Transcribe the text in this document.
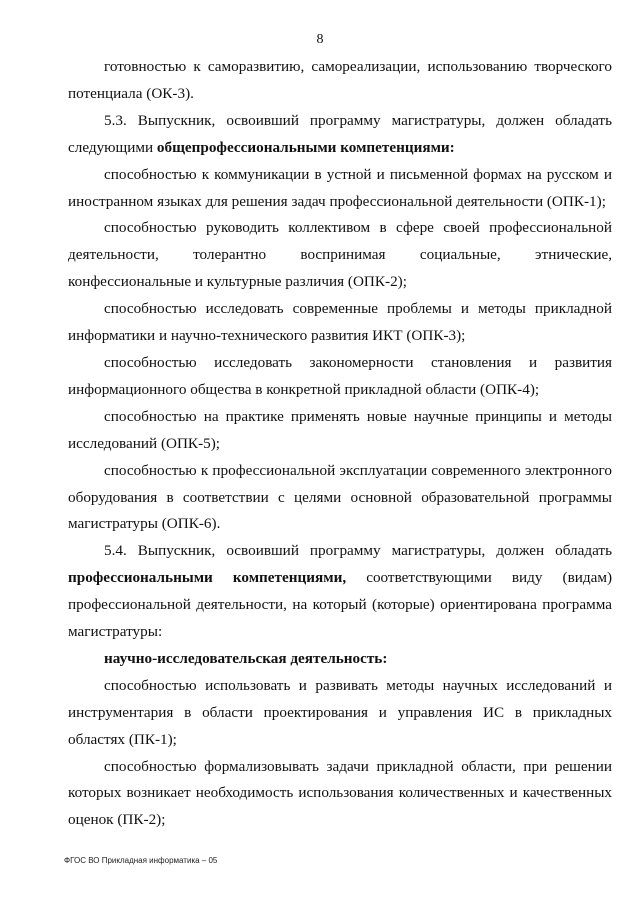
8

готовностью к саморазвитию, самореализации, использованию творческого потенциала (ОК-3).

5.3. Выпускник, освоивший программу магистратуры, должен обладать следующими общепрофессиональными компетенциями:

способностью к коммуникации в устной и письменной формах на русском и иностранном языках для решения задач профессиональной деятельности (ОПК-1);

способностью руководить коллективом в сфере своей профессиональной деятельности, толерантно воспринимая социальные, этнические, конфессиональные и культурные различия (ОПК-2);

способностью исследовать современные проблемы и методы прикладной информатики и научно-технического развития ИКТ (ОПК-3);

способностью исследовать закономерности становления и развития информационного общества в конкретной прикладной области (ОПК-4);

способностью на практике применять новые научные принципы и методы исследований (ОПК-5);

способностью к профессиональной эксплуатации современного электронного оборудования в соответствии с целями основной образовательной программы магистратуры (ОПК-6).

5.4. Выпускник, освоивший программу магистратуры, должен обладать профессиональными компетенциями, соответствующими виду (видам) профессиональной деятельности, на который (которые) ориентирована программа магистратуры:

научно-исследовательская деятельность:

способностью использовать и развивать методы научных исследований и инструментария в области проектирования и управления ИС в прикладных областях (ПК-1);

способностью формализовывать задачи прикладной области, при решении которых возникает необходимость использования количественных и качественных оценок (ПК-2);

ФГОС ВО Прикладная информатика – 05
